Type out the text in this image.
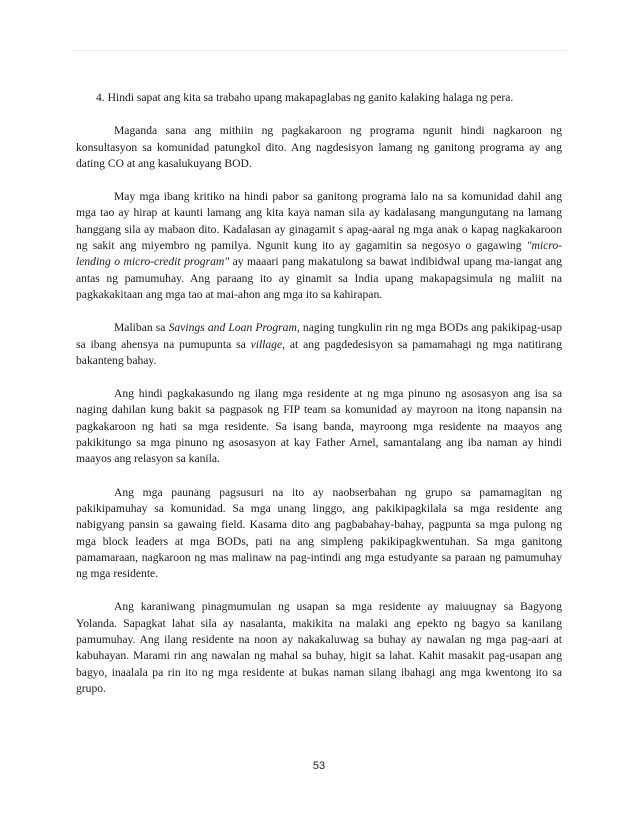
4. Hindi sapat ang kita sa trabaho upang makapaglabas ng ganito kalaking halaga ng pera.

Maganda sana ang mithiin ng pagkakaroon ng programa ngunit hindi nagkaroon ng konsultasyon sa komunidad patungkol dito. Ang nagdesisyon lamang ng ganitong programa ay ang dating CO at ang kasalukuyang BOD.

May mga ibang kritiko na hindi pabor sa ganitong programa lalo na sa komunidad dahil ang mga tao ay hirap at kaunti lamang ang kita kaya naman sila ay kadalasang mangungutang na lamang hanggang sila ay mabaon dito. Kadalasan ay ginagamit s apag-aaral ng mga anak o kapag nagkakaroon ng sakit ang miyembro ng pamilya. Ngunit kung ito ay gagamitin sa negosyo o gagawing "micro-lending o micro-credit program" ay maaari pang makatulong sa bawat indibidwal upang ma-iangat ang antas ng pamumuhay. Ang paraang ito ay ginamit sa India upang makapagsimula ng maliit na pagkakakitaan ang mga tao at mai-ahon ang mga ito sa kahirapan.

Maliban sa Savings and Loan Program, naging tungkulin rin ng mga BODs ang pakikipag-usap sa ibang ahensya na pumupunta sa village, at ang pagdedesisyon sa pamamahagi ng mga natitirang bakanteng bahay.

Ang hindi pagkakasundo ng ilang mga residente at ng mga pinuno ng asosasyon ang isa sa naging dahilan kung bakit sa pagpasok ng FIP team sa komunidad ay mayroon na itong napansin na pagkakaroon ng hati sa mga residente. Sa isang banda, mayroong mga residente na maayos ang pakikitungo sa mga pinuno ng asosasyon at kay Father Arnel, samantalang ang iba naman ay hindi maayos ang relasyon sa kanila.

Ang mga paunang pagsusuri na ito ay naobserbahan ng grupo sa pamamagitan ng pakikipamuhay sa komunidad. Sa mga unang linggo, ang pakikipagkilala sa mga residente ang nabigyang pansin sa gawaing field. Kasama dito ang pagbabahay-bahay, pagpunta sa mga pulong ng mga block leaders at mga BODs, pati na ang simpleng pakikipagkwentuhan. Sa mga ganitong pamamaraan, nagkaroon ng mas malinaw na pag-intindi ang mga estudyante sa paraan ng pamumuhay ng mga residente.

Ang karaniwang pinagmumulan ng usapan sa mga residente ay maiuugnay sa Bagyong Yolanda. Sapagkat lahat sila ay nasalanta, makikita na malaki ang epekto ng bagyo sa kanilang pamumuhay. Ang ilang residente na noon ay nakakaluwag sa buhay ay nawalan ng mga pag-aari at kabuhayan. Marami rin ang nawalan ng mahal sa buhay, higit sa lahat. Kahit masakit pag-usapan ang bagyo, inaalala pa rin ito ng mga residente at bukas naman silang ibahagi ang mga kwentong ito sa grupo.

53
